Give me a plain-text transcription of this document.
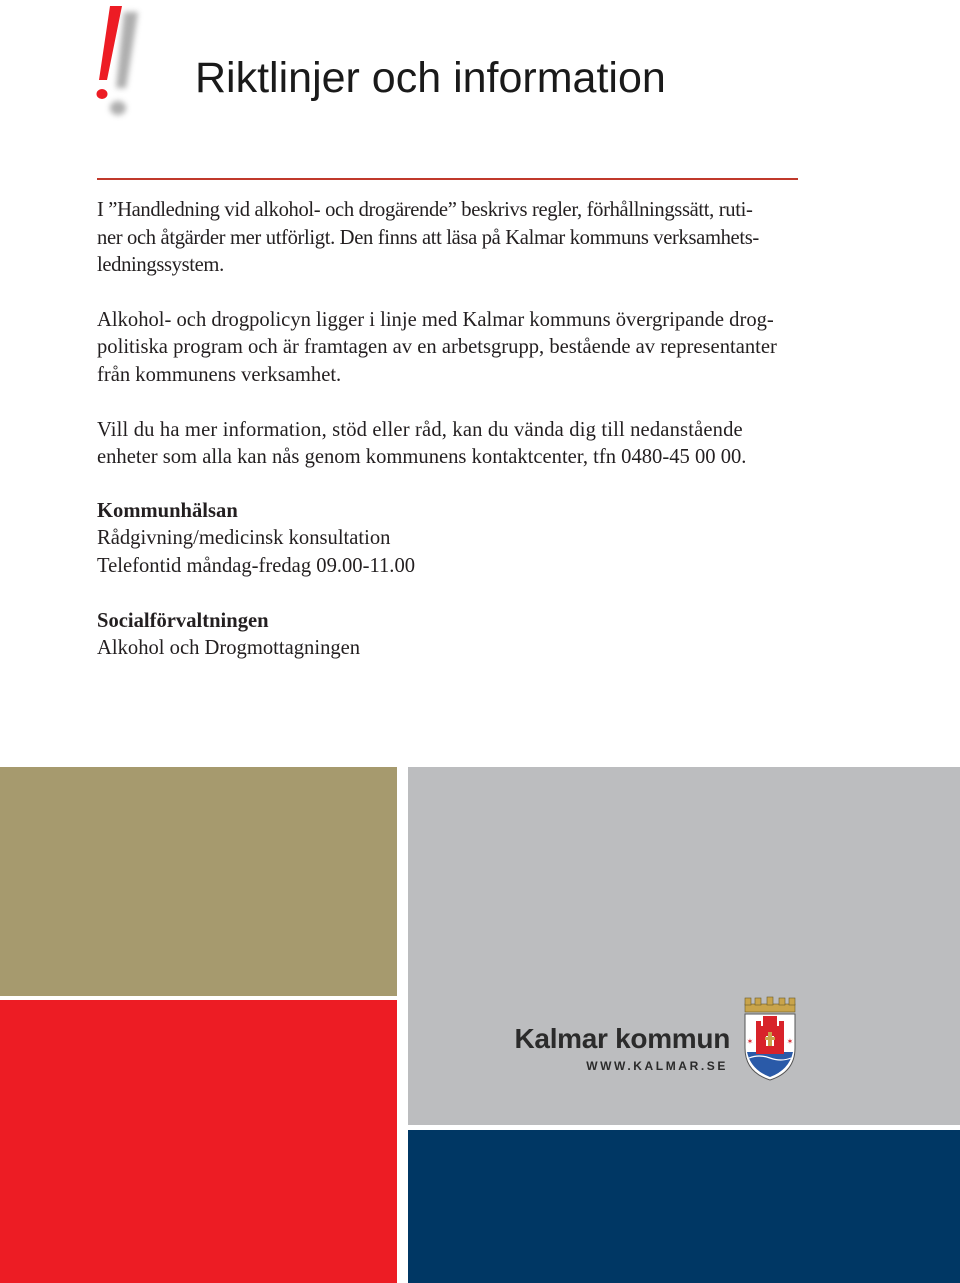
Riktlinjer och information

I ”Handledning vid alkohol- och drogärende” beskrivs regler, förhållningssätt, ruti-
ner och åtgärder mer utförligt. Den finns att läsa på Kalmar kommuns verksamhets-
ledningssystem.

Alkohol- och drogpolicyn ligger i linje med Kalmar kommuns övergripande drog-
politiska program och är framtagen av en arbetsgrupp, bestående av representanter
från kommunens verksamhet.

Vill du ha mer information, stöd eller råd, kan du vända dig till nedanstående
enheter som alla kan nås genom kommunens kontaktcenter, tfn 0480-45 00 00.

Kommunhälsan
Rådgivning/medicinsk konsultation
Telefontid måndag-fredag 09.00-11.00

Socialförvaltningen
Alkohol och Drogmottagningen

Kalmar kommun
WWW.KALMAR.SE
✶	✶
